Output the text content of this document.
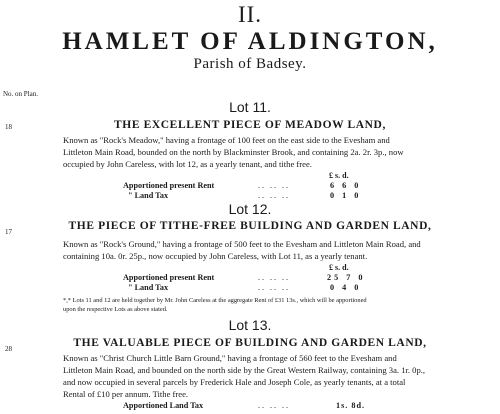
II.
HAMLET OF ALDINGTON,
Parish of Badsey.
No. on Plan.
Lot 11.
18	THE EXCELLENT PIECE OF MEADOW LAND,
Known as "Rock's Meadow," having a frontage of 100 feet on the east side to the Evesham and
Littleton Main Road, bounded on the north by Blackminster Brook, and containing 2a. 2r. 3p., now
occupied by John Careless, with lot 12, as a yearly tenant, and tithe free.
£ s. d.
Apportioned present Rent	.. .. ..	6 6 0
" Land Tax	.. .. ..	0 1 0
Lot 12.
17	THE PIECE OF TITHE-FREE BUILDING AND GARDEN LAND,
Known as "Rock's Ground," having a frontage of 500 feet to the Evesham and Littleton Main Road, and
containing 10a. 0r. 25p., now occupied by John Careless, with Lot 11, as a yearly tenant.
£ s. d.
Apportioned present Rent	.. .. ..	25 7 0
" Land Tax	.. .. ..	0 4 0
*,* Lots 11 and 12 are held together by Mr. John Careless at the aggregate Rent of £31 13s., which will be apportioned
upon the respective Lots as above stated.
Lot 13.
28	THE VALUABLE PIECE OF BUILDING AND GARDEN LAND,
Known as "Christ Church Little Barn Ground," having a frontage of 560 feet to the Evesham and
Littleton Main Road, and bounded on the north side by the Great Western Railway, containing 3a. 1r. 0p.,
and now occupied in several parcels by Frederick Hale and Joseph Cole, as yearly tenants, at a total
Rental of £10 per annum. Tithe free.
Apportioned Land Tax	.. .. ..	1s. 8d.
